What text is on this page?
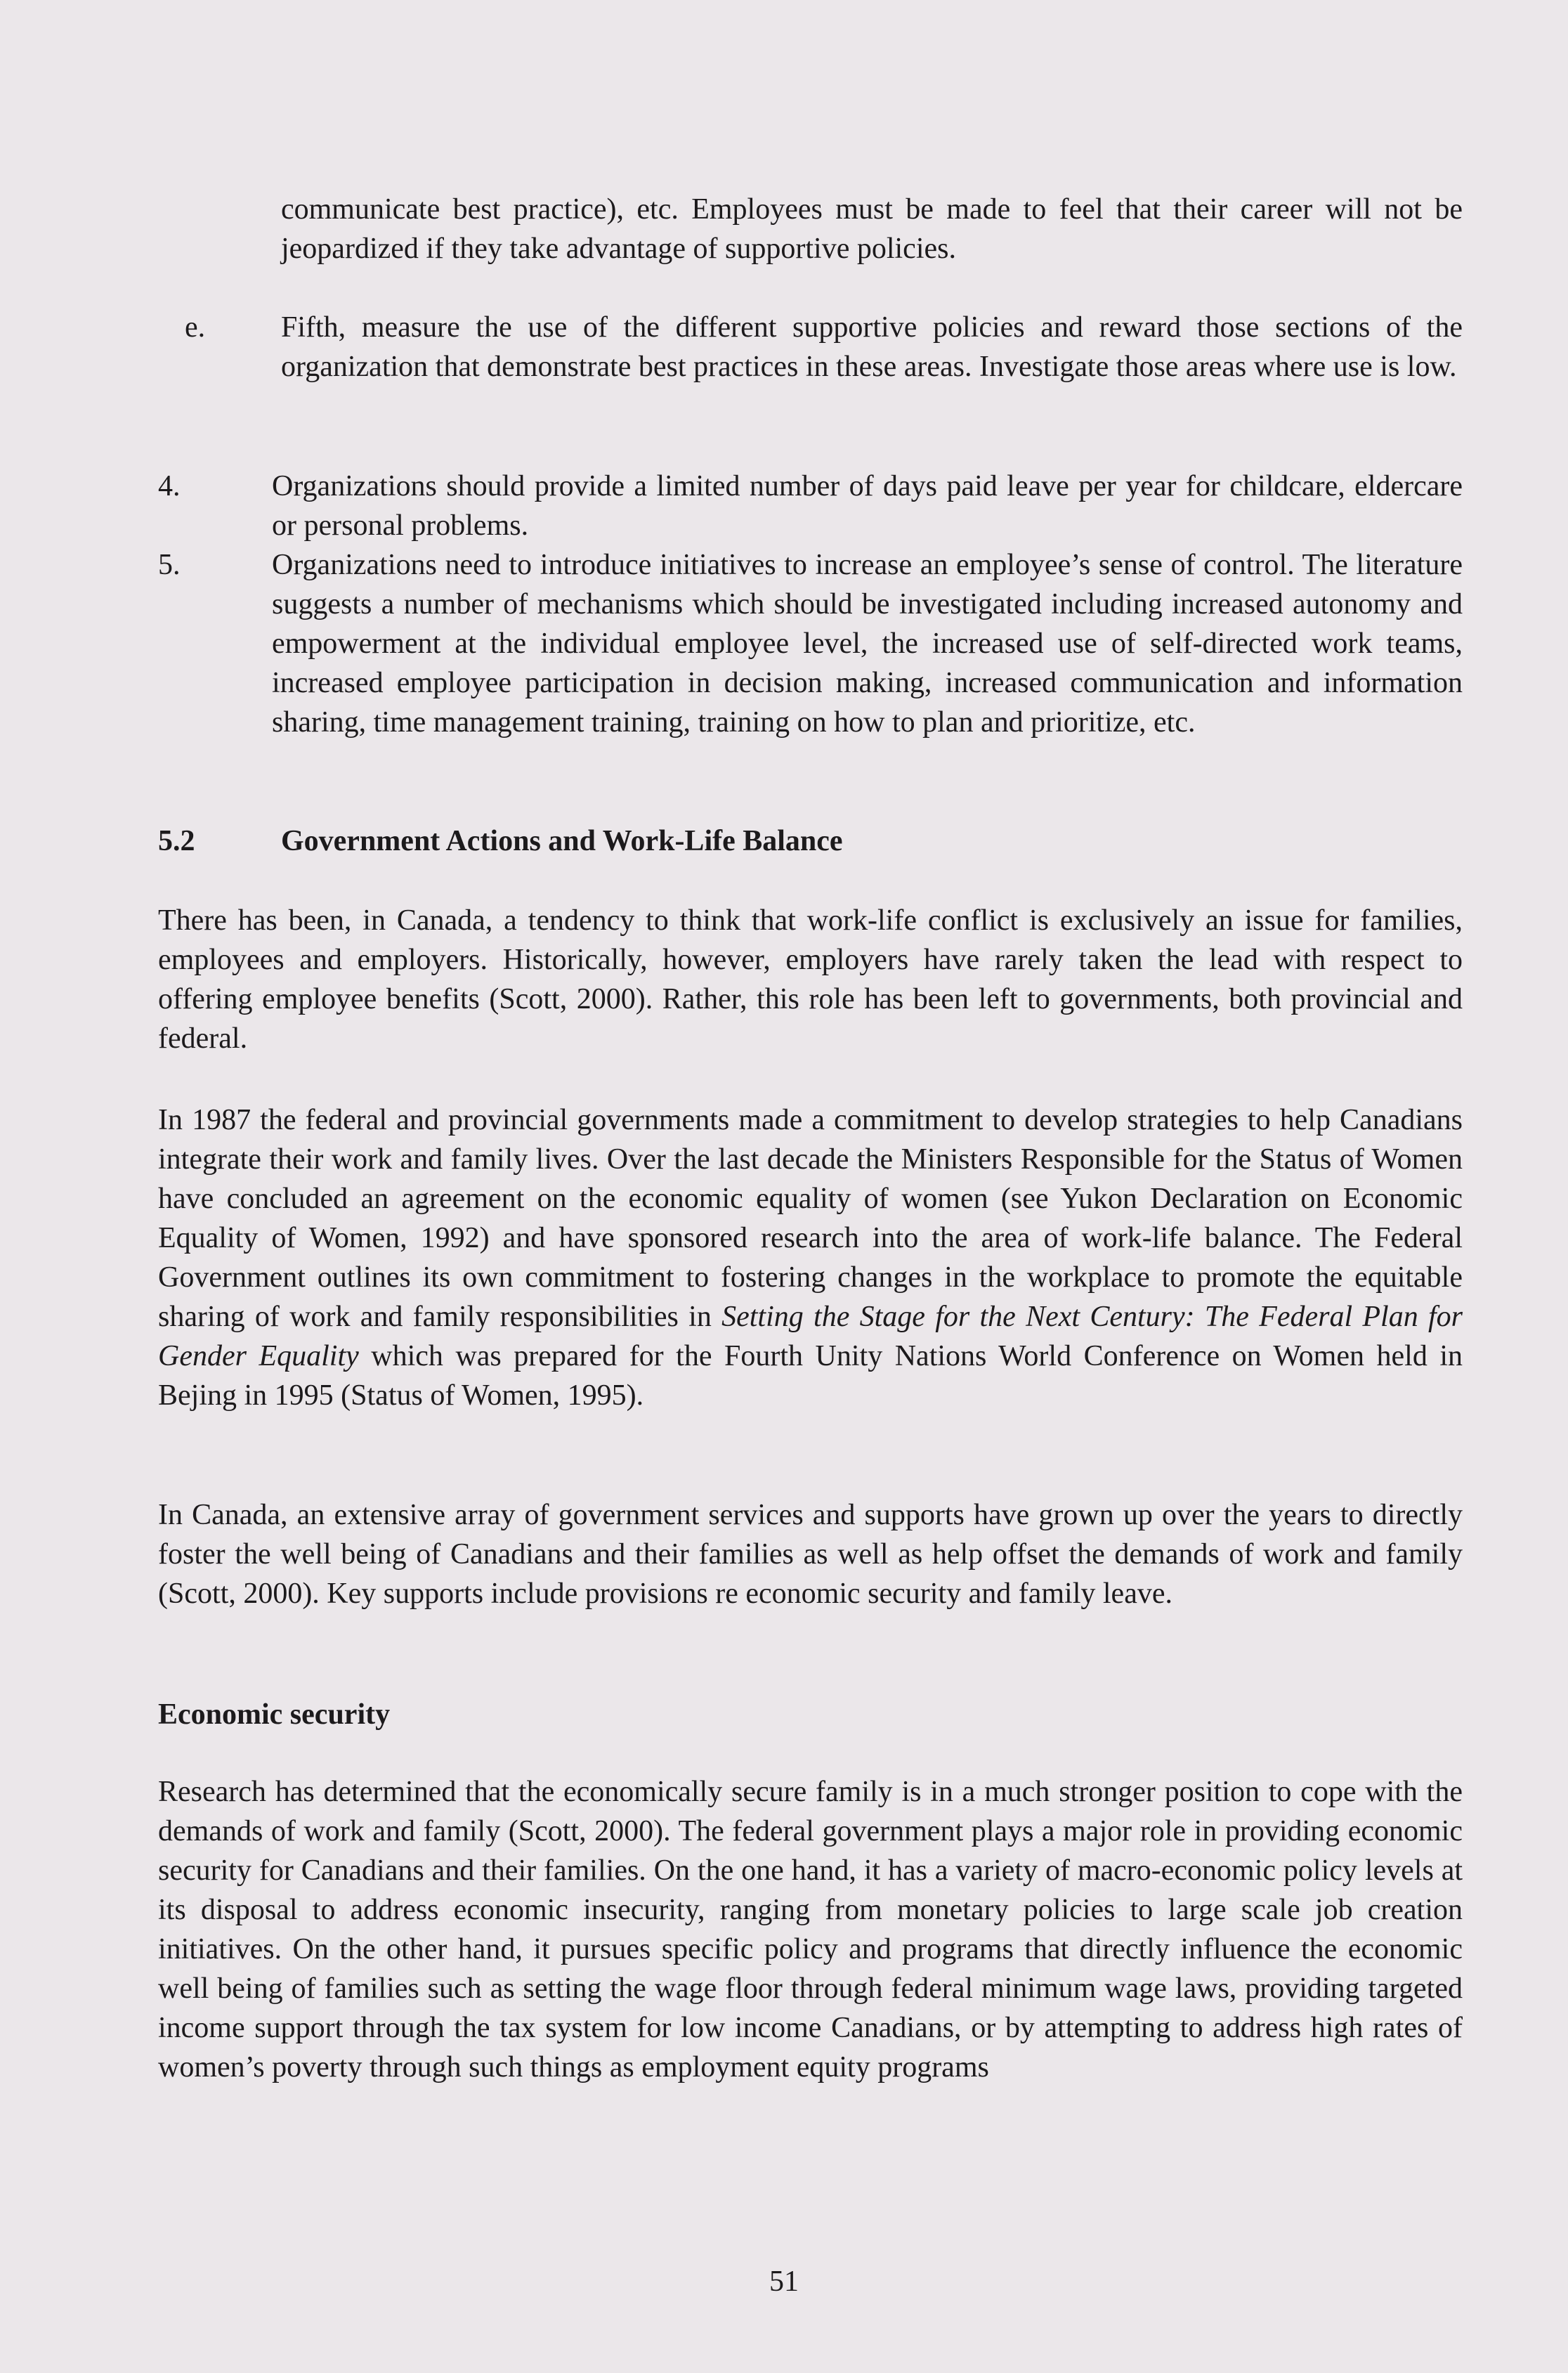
communicate best practice), etc. Employees must be made to feel that their career will not be jeopardized if they take advantage of supportive policies.

e.	Fifth, measure the use of the different supportive policies and reward those sections of the organization that demonstrate best practices in these areas. Investigate those areas where use is low.

4.	Organizations should provide a limited number of days paid leave per year for childcare, eldercare or personal problems.

5.	Organizations need to introduce initiatives to increase an employee’s sense of control. The literature suggests a number of mechanisms which should be investigated including increased autonomy and empowerment at the individual employee level, the increased use of self-directed work teams, increased employee participation in decision making, increased communication and information sharing, time management training, training on how to plan and prioritize, etc.

5.2	Government Actions and Work-Life Balance

There has been, in Canada, a tendency to think that work-life conflict is exclusively an issue for families, employees and employers. Historically, however, employers have rarely taken the lead with respect to offering employee benefits (Scott, 2000). Rather, this role has been left to governments, both provincial and federal.

In 1987 the federal and provincial governments made a commitment to develop strategies to help Canadians integrate their work and family lives. Over the last decade the Ministers Responsible for the Status of Women have concluded an agreement on the economic equality of women (see Yukon Declaration on Economic Equality of Women, 1992) and have sponsored research into the area of work-life balance. The Federal Government outlines its own commitment to fostering changes in the workplace to promote the equitable sharing of work and family responsibilities in Setting the Stage for the Next Century: The Federal Plan for Gender Equality which was prepared for the Fourth Unity Nations World Conference on Women held in Bejing in 1995 (Status of Women, 1995).

In Canada, an extensive array of government services and supports have grown up over the years to directly foster the well being of Canadians and their families as well as help offset the demands of work and family (Scott, 2000). Key supports include provisions re economic security and family leave.

Economic security

Research has determined that the economically secure family is in a much stronger position to cope with the demands of work and family (Scott, 2000). The federal government plays a major role in providing economic security for Canadians and their families. On the one hand, it has a variety of macro-economic policy levels at its disposal to address economic insecurity, ranging from monetary policies to large scale job creation initiatives. On the other hand, it pursues specific policy and programs that directly influence the economic well being of families such as setting the wage floor through federal minimum wage laws, providing targeted income support through the tax system for low income Canadians, or by attempting to address high rates of women’s poverty through such things as employment equity programs

51
